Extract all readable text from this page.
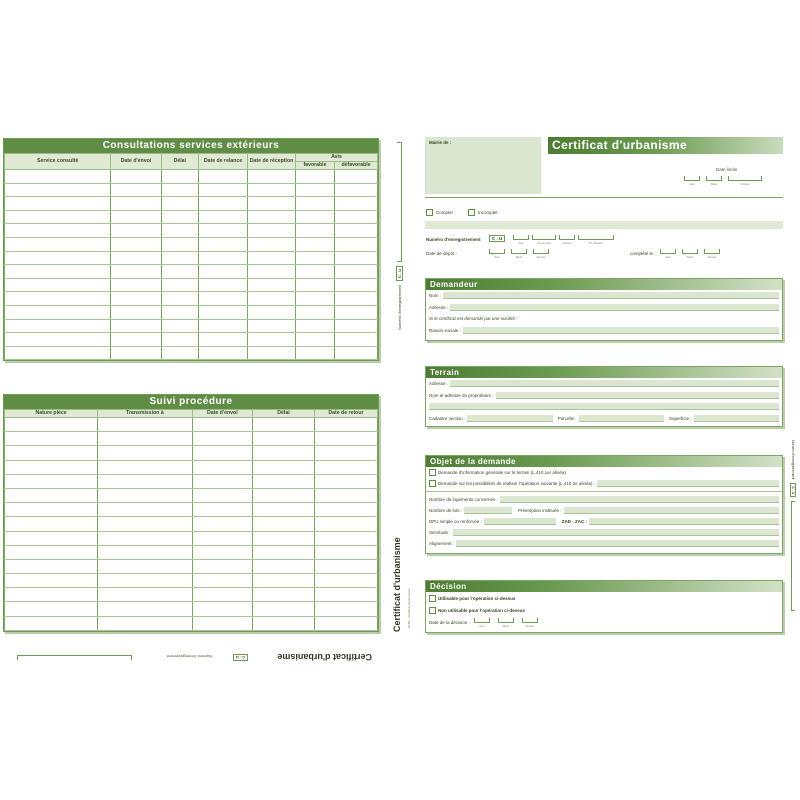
Consultations services extérieurs
Service consulté	Date d'envoi	Délai	Date de relance	Date de réception	Avis	
					favorable	défavorable

Suivi procédure
Nature pièce	Transmission à	Date d'envoi	Délai	Date de retour

Certificat d'urbanisme
Numéro d'enregistrement	C . U
Numéro d'enregistrement
C . U
Certificat d'urbanisme ELBE - Certificat d'urbanisme
Mairie de :	Certificat d'urbanisme
Date limite
Jour	Mois	Année
Complet	Incomplet
Numéro d'enregistrement	C . U
Dpt	Commune	Année	N° dossier
Date de dépôt :
Jour	Mois	Année
complété le :
Jour	Mois	Année
Demandeur
Nom :
Adresse :
Si le certificat est demandé par une société :
Raison sociale :
Terrain
Adresse :
Nom et adresse du propriétaire :
Cadastre section :	Parcelle :	Superficie :
Objet de la demande
Demande d'information générale sur le terrain (L.410 1er alinéa)
Demande sur les possibilités de réaliser l'opération suivante (L.410 2e alinéa) :
Nombre de logements concernés :
Nombre de lots :	Préemption instituée :
DPU simple ou renforcée :	ZAD - ZAC :
Servitude :
Alignement :
Décision
Utilisable pour l'opération ci-dessus
Non utilisable pour l'opération ci-dessus
Date de la décision :
Jour	Mois	Année
Numéro d'enregistrement
C . U
